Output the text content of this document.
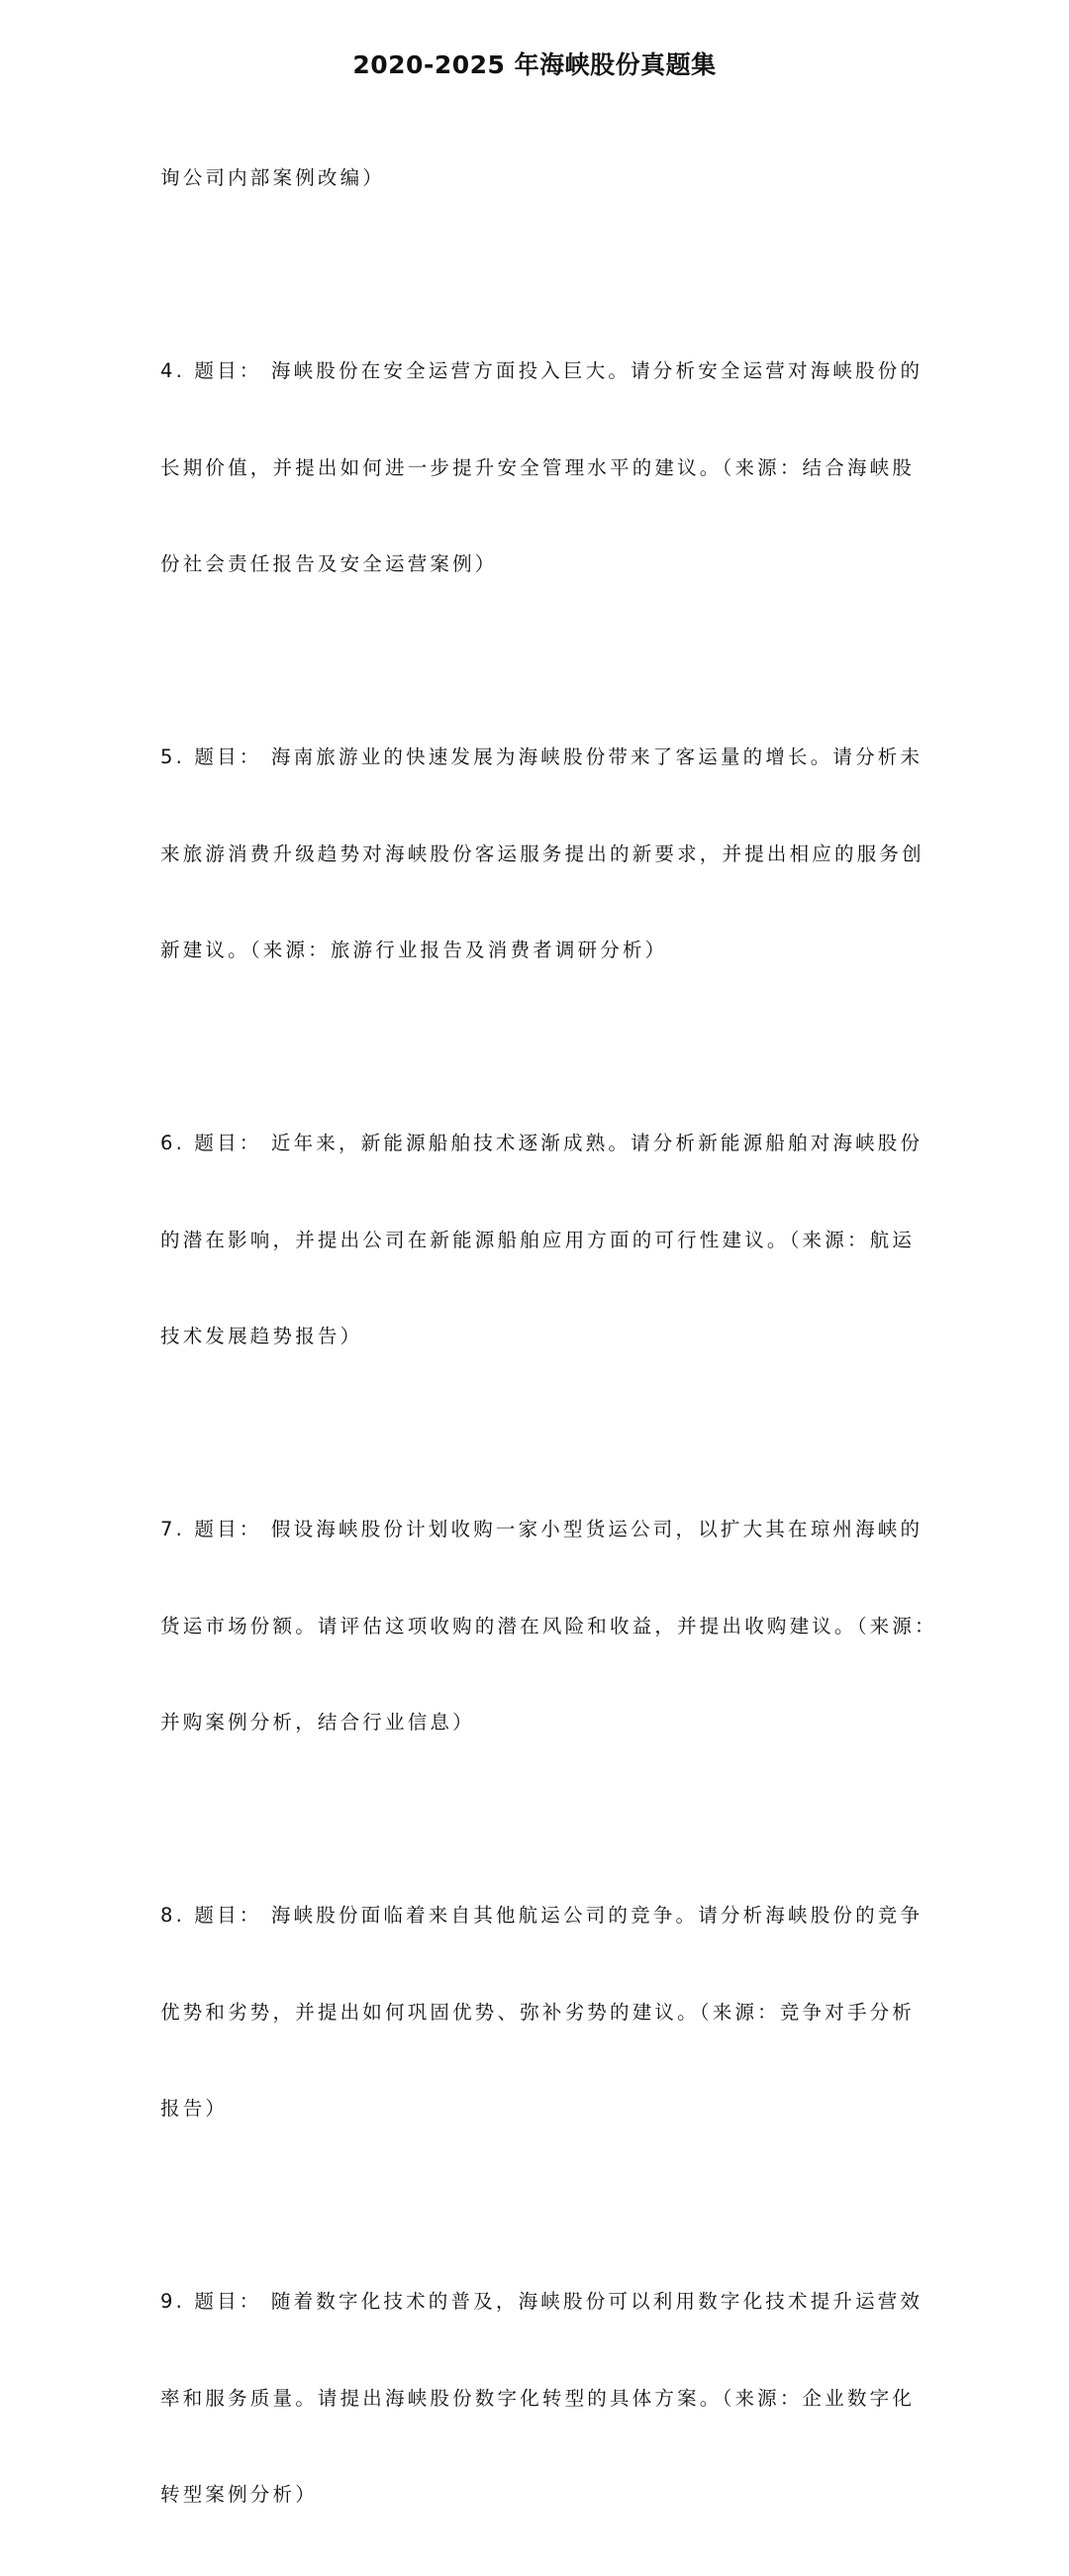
2020-2025 年海峡股份真题集

询公司内部案例改编）

4. 题目： 海峡股份在安全运营方面投入巨大。请分析安全运营对海峡股份的

长期价值，并提出如何进一步提升安全管理水平的建议。（来源：结合海峡股

份社会责任报告及安全运营案例）

5. 题目： 海南旅游业的快速发展为海峡股份带来了客运量的增长。请分析未

来旅游消费升级趋势对海峡股份客运服务提出的新要求，并提出相应的服务创

新建议。（来源：旅游行业报告及消费者调研分析）

6. 题目： 近年来，新能源船舶技术逐渐成熟。请分析新能源船舶对海峡股份

的潜在影响，并提出公司在新能源船舶应用方面的可行性建议。（来源：航运

技术发展趋势报告）

7. 题目： 假设海峡股份计划收购一家小型货运公司，以扩大其在琼州海峡的

货运市场份额。请评估这项收购的潜在风险和收益，并提出收购建议。（来源：

并购案例分析，结合行业信息）

8. 题目： 海峡股份面临着来自其他航运公司的竞争。请分析海峡股份的竞争

优势和劣势，并提出如何巩固优势、弥补劣势的建议。（来源：竞争对手分析

报告）

9. 题目： 随着数字化技术的普及，海峡股份可以利用数字化技术提升运营效

率和服务质量。请提出海峡股份数字化转型的具体方案。（来源：企业数字化

转型案例分析）
